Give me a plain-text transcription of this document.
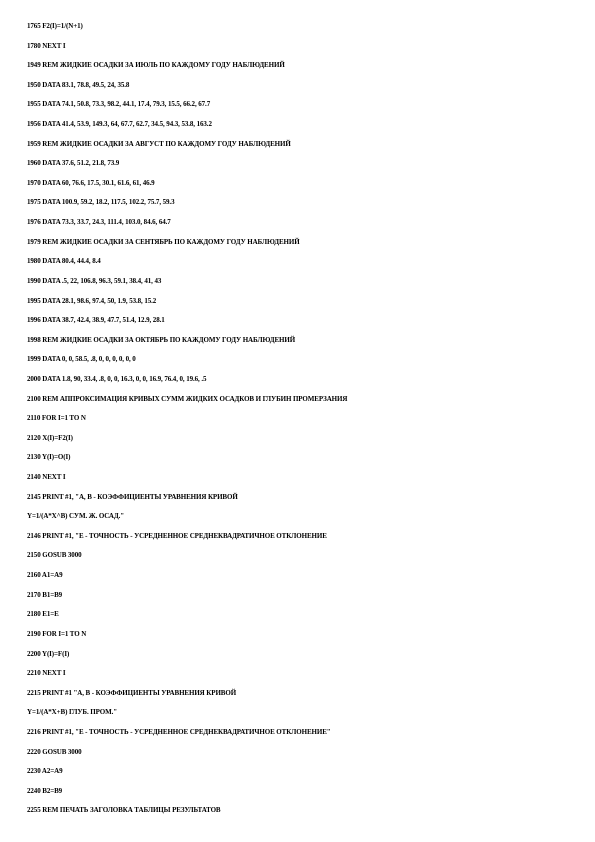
1765 F2(I)=1/(N+1)
1780 NEXT I
1949 REM ЖИДКИЕ ОСАДКИ ЗА ИЮЛЬ ПО КАЖДОМУ ГОДУ НАБЛЮДЕНИЙ
1950 DATA 83.1, 78.8, 49.5, 24, 35.8
1955 DATA 74.1, 50.8, 73.3, 98.2, 44.1, 17.4, 79.3, 15.5, 66.2, 67.7
1956 DATA 41.4, 53.9, 149.3, 64, 67.7, 62.7, 34.5, 94.3, 53.8, 163.2
1959 REM ЖИДКИЕ ОСАДКИ ЗА АВГУСТ ПО КАЖДОМУ ГОДУ НАБЛЮДЕНИЙ
1960 DATA 37.6, 51.2, 21.8, 73.9
1970 DATA 60, 76.6, 17.5, 30.1, 61.6, 61, 46.9
1975 DATA 100.9, 59.2, 18.2, 117.5, 102.2, 75.7, 59.3
1976 DATA 73.3, 33.7, 24.3, 111.4, 103.0, 84.6, 64.7
1979 REM ЖИДКИЕ ОСАДКИ ЗА СЕНТЯБРЬ ПО КАЖДОМУ ГОДУ НАБЛЮДЕНИЙ
1980 DATA 80.4, 44.4, 8.4
1990 DATA .5, 22, 106.8, 96.3, 59.1, 38.4, 41, 43
1995 DATA 28.1, 98.6, 97.4, 50, 1.9, 53.8, 15.2
1996 DATA 38.7, 42.4, 38.9, 47.7, 51.4, 12.9, 28.1
1998 REM ЖИДКИЕ ОСАДКИ ЗА ОКТЯБРЬ ПО КАЖДОМУ ГОДУ НАБЛЮДЕНИЙ
1999 DATA 0, 0, 58.5, .8, 0, 0, 0, 0, 0, 0
2000 DATA 1.8, 90, 33.4, .8, 0, 0, 16.3, 0, 0, 16.9, 76.4, 0, 19.6, .5
2100 REM АППРОКСИМАЦИЯ КРИВЫХ СУММ ЖИДКИХ ОСАДКОВ И ГЛУБИН ПРОМЕРЗАНИЯ
2110 FOR I=1 TO N
2120 X(I)=F2(I)
2130 Y(I)=O(I)
2140 NEXT I
2145 PRINT #1, "A, B - КОЭФФИЦИЕНТЫ УРАВНЕНИЯ КРИВОЙ
Y=1/(A*X^B) СУМ. Ж. ОСАД."
2146 PRINT #1, "E - ТОЧНОСТЬ - УСРЕДНЕННОЕ СРЕДНЕКВАДРАТИЧНОЕ ОТКЛОНЕНИЕ
2150 GOSUB 3000
2160 A1=A9
2170 B1=B9
2180 E1=E
2190 FOR I=1 TO N
2200 Y(I)=F(I)
2210 NEXT I
2215 PRINT #1 "A, B - КОЭФФИЦИЕНТЫ УРАВНЕНИЯ КРИВОЙ
Y=1/(A*X+B) ГЛУБ. ПРОМ."
2216 PRINT #1, "E - ТОЧНОСТЬ - УСРЕДНЕННОЕ СРЕДНЕКВАДРАТИЧНОЕ ОТКЛОНЕНИЕ"
2220 GOSUB 3000
2230 A2=A9
2240 B2=B9
2255 REM ПЕЧАТЬ ЗАГОЛОВКА ТАБЛИЦЫ РЕЗУЛЬТАТОВ
